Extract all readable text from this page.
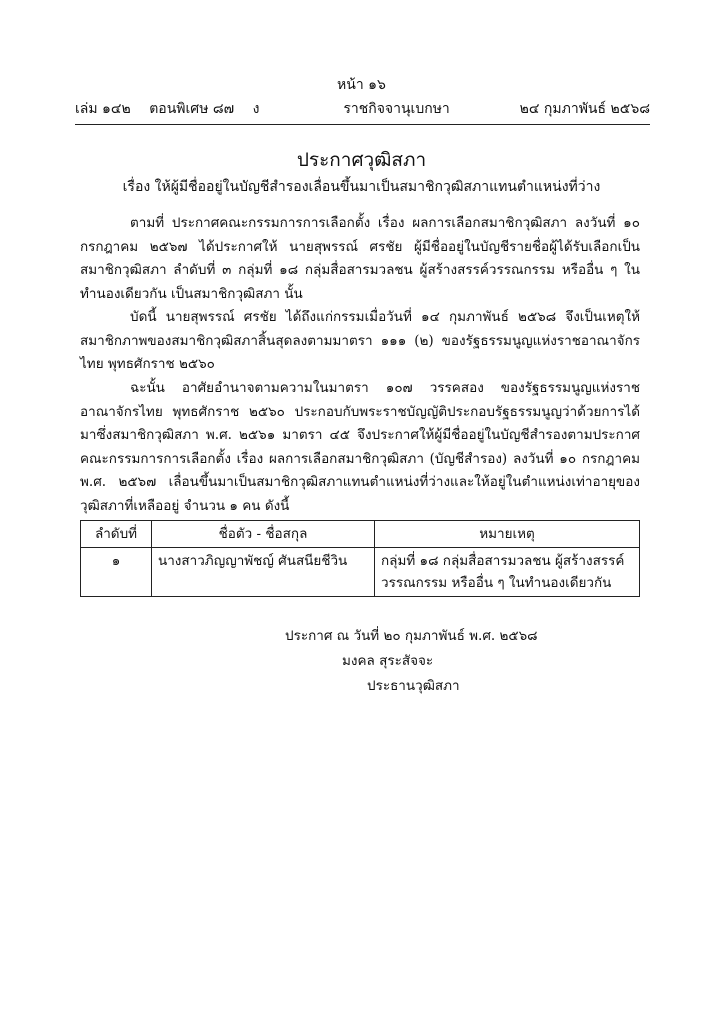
หน้า ๑๖
เล่ม ๑๔๒ ตอนพิเศษ ๘๗ ง	ราชกิจจานุเบกษา	๒๔ กุมภาพันธ์ ๒๕๖๘
ประกาศวุฒิสภา
เรื่อง ให้ผู้มีชื่ออยู่ในบัญชีสำรองเลื่อนขึ้นมาเป็นสมาชิกวุฒิสภาแทนตำแหน่งที่ว่าง
ตามที่ ประกาศคณะกรรมการการเลือกตั้ง เรื่อง ผลการเลือกสมาชิกวุฒิสภา ลงวันที่ ๑๐ กรกฎาคม ๒๕๖๗ ได้ประกาศให้ นายสุพรรณ์ ศรชัย ผู้มีชื่ออยู่ในบัญชีรายชื่อผู้ได้รับเลือกเป็นสมาชิกวุฒิสภา ลำดับที่ ๓ กลุ่มที่ ๑๘ กลุ่มสื่อสารมวลชน ผู้สร้างสรรค์วรรณกรรม หรืออื่น ๆ ในทำนองเดียวกัน เป็นสมาชิกวุฒิสภา นั้น
บัดนี้ นายสุพรรณ์ ศรชัย ได้ถึงแก่กรรมเมื่อวันที่ ๑๔ กุมภาพันธ์ ๒๕๖๘ จึงเป็นเหตุให้สมาชิกภาพของสมาชิกวุฒิสภาสิ้นสุดลงตามมาตรา ๑๑๑ (๒) ของรัฐธรรมนูญแห่งราชอาณาจักรไทย พุทธศักราช ๒๕๖๐
ฉะนั้น อาศัยอำนาจตามความในมาตรา ๑๐๗ วรรคสอง ของรัฐธรรมนูญแห่งราชอาณาจักรไทย พุทธศักราช ๒๕๖๐ ประกอบกับพระราชบัญญัติประกอบรัฐธรรมนูญว่าด้วยการได้มาซึ่งสมาชิกวุฒิสภา พ.ศ. ๒๕๖๑ มาตรา ๔๕ จึงประกาศให้ผู้มีชื่ออยู่ในบัญชีสำรองตามประกาศคณะกรรมการการเลือกตั้ง เรื่อง ผลการเลือกสมาชิกวุฒิสภา (บัญชีสำรอง) ลงวันที่ ๑๐ กรกฎาคม พ.ศ. ๒๕๖๗ เลื่อนขึ้นมาเป็นสมาชิกวุฒิสภาแทนตำแหน่งที่ว่างและให้อยู่ในตำแหน่งเท่าอายุของวุฒิสภาที่เหลืออยู่ จำนวน ๑ คน ดังนี้
ลำดับที่	ชื่อตัว - ชื่อสกุล	หมายเหตุ
๑	นางสาวภิญญาพัชญ์ ศันสนียชีวิน	กลุ่มที่ ๑๘ กลุ่มสื่อสารมวลชน ผู้สร้างสรรค์วรรณกรรม หรืออื่น ๆ ในทำนองเดียวกัน
ประกาศ ณ วันที่ ๒๐ กุมภาพันธ์ พ.ศ. ๒๕๖๘
มงคล สุระสัจจะ
ประธานวุฒิสภา
